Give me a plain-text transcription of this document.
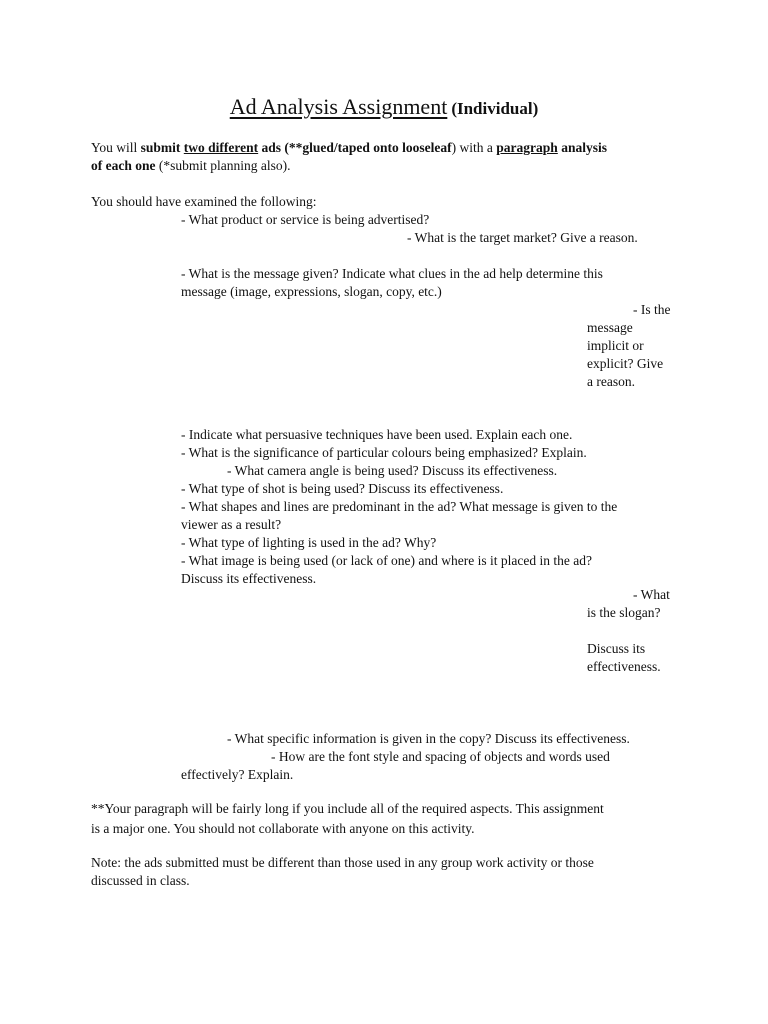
Ad Analysis Assignment (Individual)

You will submit two different ads (**glued/taped onto looseleaf) with a paragraph analysis

of each one (*submit planning also).

You should have examined the following:

- What product or service is being advertised?

- What is the target market? Give a reason.

- What is the message given? Indicate what clues in the ad help determine this

message (image, expressions, slogan, copy, etc.)

- Is the

message

implicit or

explicit? Give

a reason.

- Indicate what persuasive techniques have been used. Explain each one.

- What is the significance of particular colours being emphasized? Explain.

- What camera angle is being used? Discuss its effectiveness.

- What type of shot is being used? Discuss its effectiveness.

- What shapes and lines are predominant in the ad? What message is given to the

viewer as a result?

- What type of lighting is used in the ad? Why?

- What image is being used (or lack of one) and where is it placed in the ad?

Discuss its effectiveness.

- What

is the slogan?

Discuss its

effectiveness.

- What specific information is given in the copy? Discuss its effectiveness.

- How are the font style and spacing of objects and words used

effectively? Explain.

**Your paragraph will be fairly long if you include all of the required aspects. This assignment

is a major one. You should not collaborate with anyone on this activity.

Note: the ads submitted must be different than those used in any group work activity or those

discussed in class.
